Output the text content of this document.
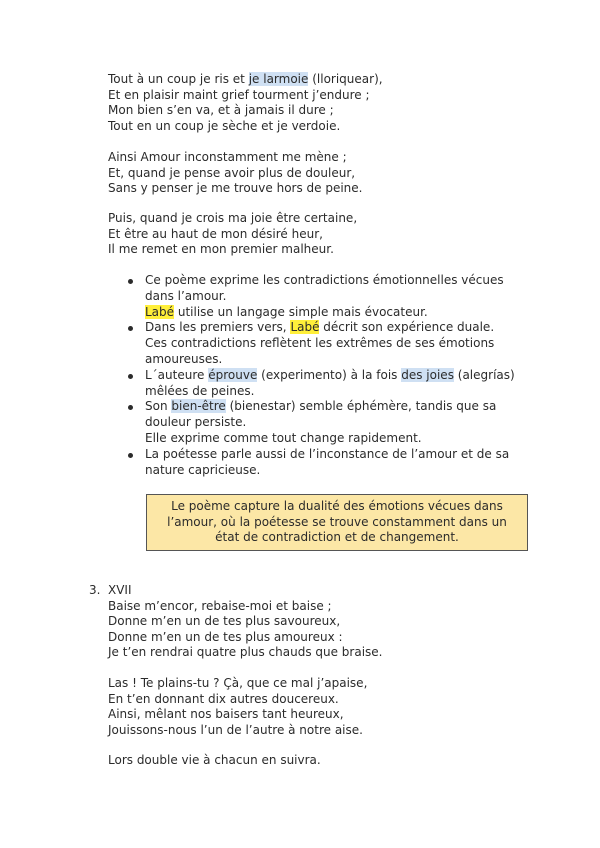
Tout à un coup je ris et je larmoie (lloriquear),
Et en plaisir maint grief tourment j’endure ;
Mon bien s’en va, et à jamais il dure ;
Tout en un coup je sèche et je verdoie.
Ainsi Amour inconstamment me mène ;
Et, quand je pense avoir plus de douleur,
Sans y penser je me trouve hors de peine.
Puis, quand je crois ma joie être certaine,
Et être au haut de mon désiré heur,
Il me remet en mon premier malheur.
Ce poème exprime les contradictions émotionnelles vécues
dans l’amour.
Labé utilise un langage simple mais évocateur.
Dans les premiers vers, Labé décrit son expérience duale.
Ces contradictions reflètent les extrêmes de ses émotions
amoureuses.
L´auteure éprouve (experimento) à la fois des joies (alegrías)
mêlées de peines.
Son bien-être (bienestar) semble éphémère, tandis que sa
douleur persiste.
Elle exprime comme tout change rapidement.
La poétesse parle aussi de l’inconstance de l’amour et de sa
nature capricieuse.
Le poème capture la dualité des émotions vécues dans
l’amour, où la poétesse se trouve constamment dans un
état de contradiction et de changement.
3. XVII
Baise m’encor, rebaise-moi et baise ;
Donne m’en un de tes plus savoureux,
Donne m’en un de tes plus amoureux :
Je t’en rendrai quatre plus chauds que braise.
Las ! Te plains-tu ? Çà, que ce mal j’apaise,
En t’en donnant dix autres doucereux.
Ainsi, mêlant nos baisers tant heureux,
Jouissons-nous l’un de l’autre à notre aise.
Lors double vie à chacun en suivra.
